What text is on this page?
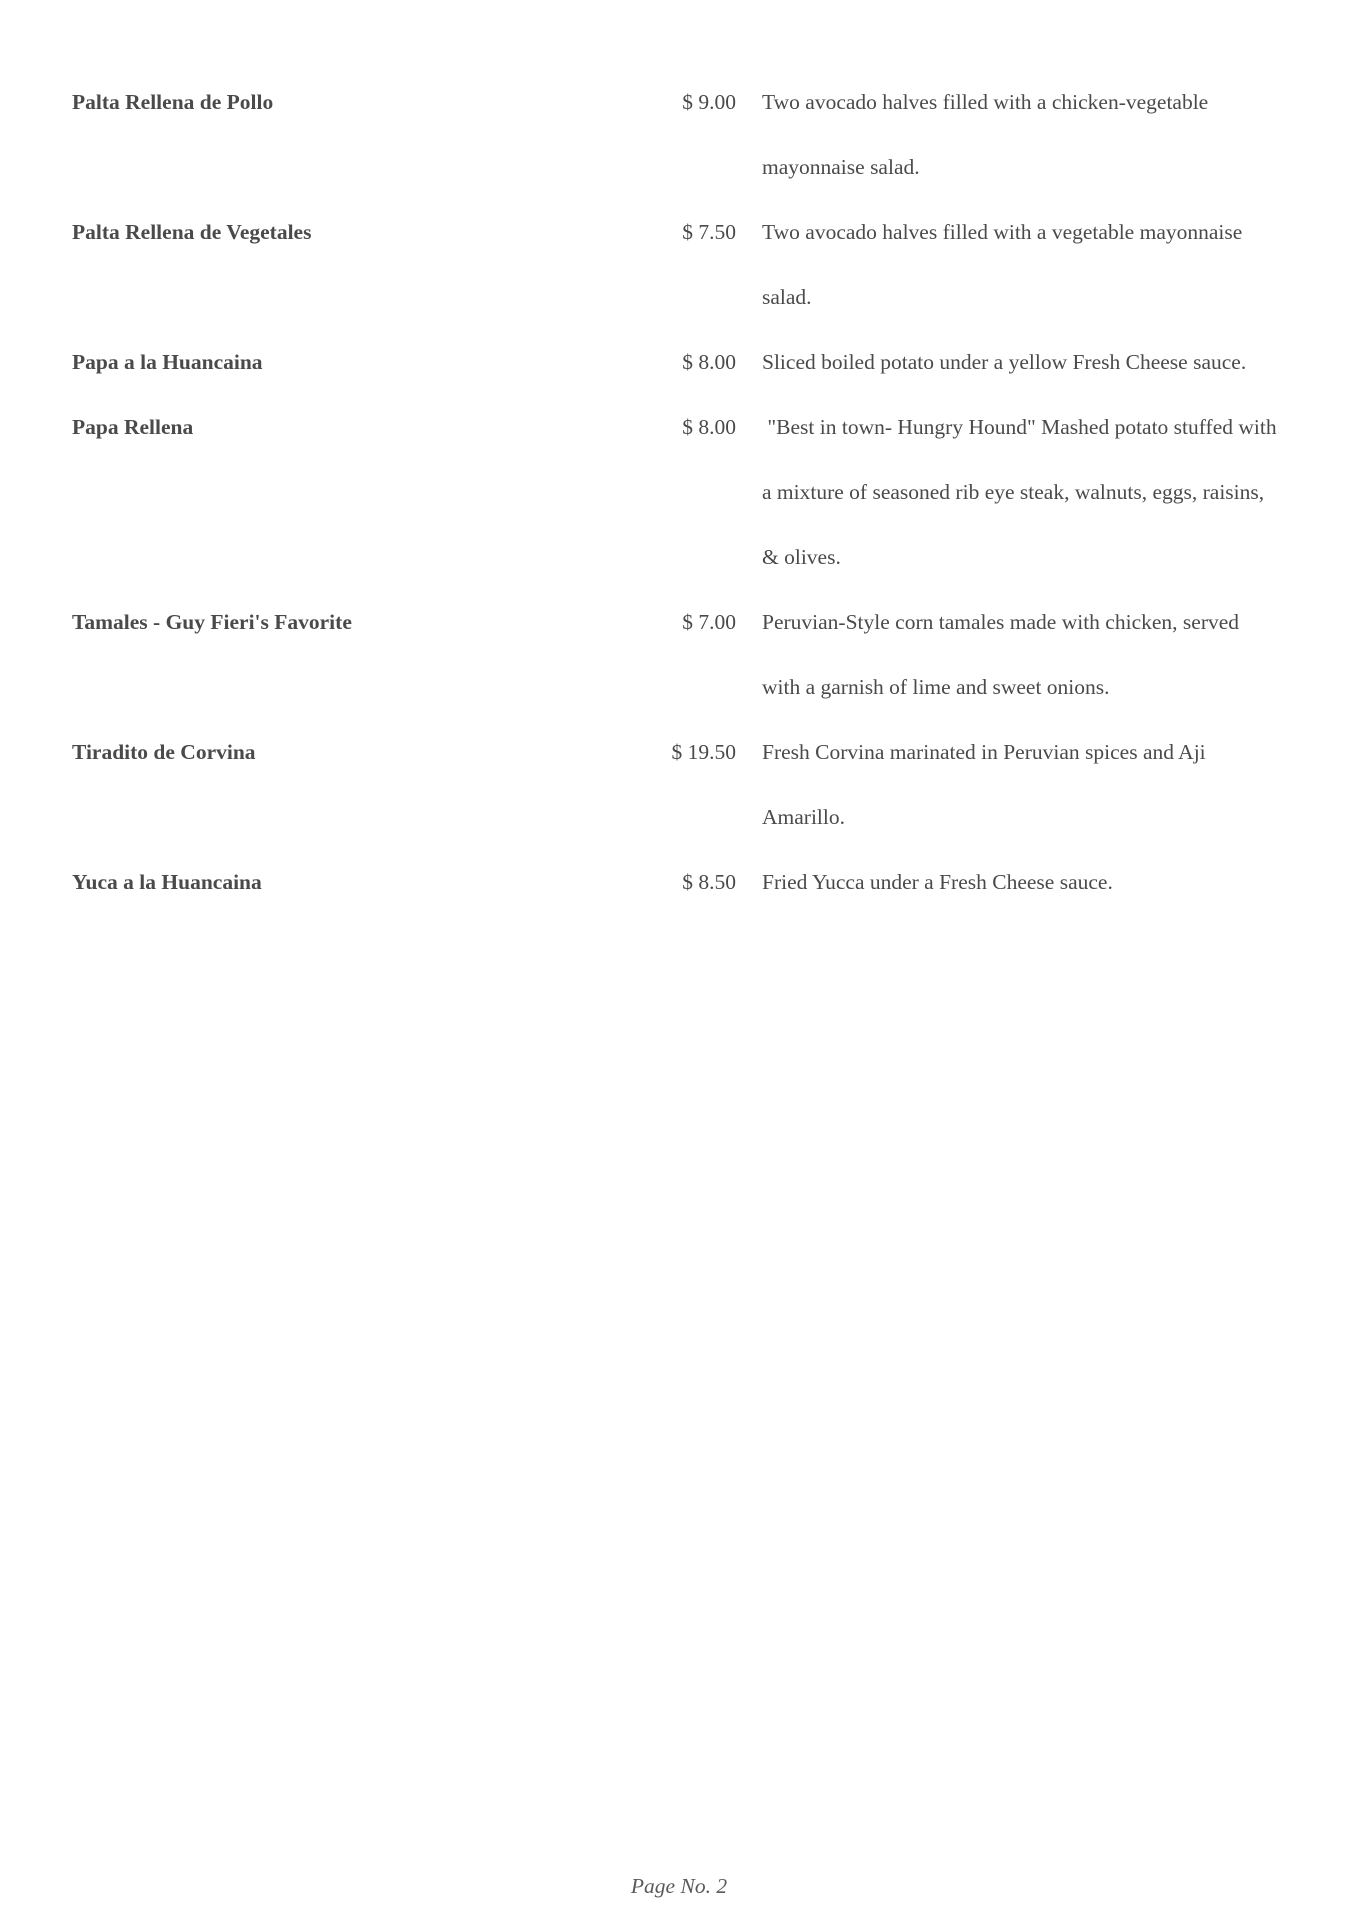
Palta Rellena de Pollo	$ 9.00 Two avocado halves filled with a chicken-vegetable mayonnaise salad.
Palta Rellena de Vegetales	$ 7.50 Two avocado halves filled with a vegetable mayonnaise salad.
Papa a la Huancaina	$ 8.00 Sliced boiled potato under a yellow Fresh Cheese sauce.
Papa Rellena	$ 8.00 "Best in town- Hungry Hound" Mashed potato stuffed with a mixture of seasoned rib eye steak, walnuts, eggs, raisins, & olives.
Tamales - Guy Fieri's Favorite	$ 7.00 Peruvian-Style corn tamales made with chicken, served with a garnish of lime and sweet onions.
Tiradito de Corvina	$ 19.50 Fresh Corvina marinated in Peruvian spices and Aji Amarillo.
Yuca a la Huancaina	$ 8.50 Fried Yucca under a Fresh Cheese sauce.
Page No. 2
